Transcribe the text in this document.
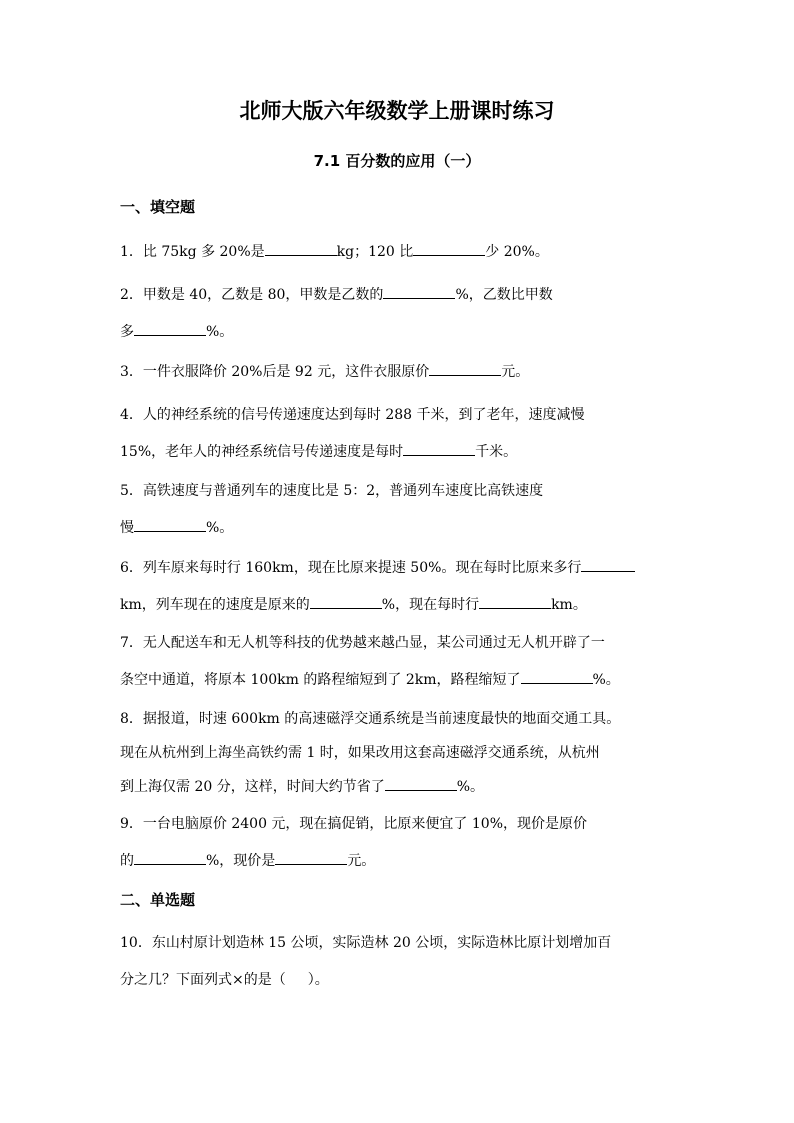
北师大版六年级数学上册课时练习
7.1 百分数的应用（一）
一、填空题
1．比 75kg 多 20%是	kg；120 比	少 20%。
2．甲数是 40，乙数是 80，甲数是乙数的	%，乙数比甲数
多	%。
3．一件衣服降价 20%后是 92 元，这件衣服原价	元。
4．人的神经系统的信号传递速度达到每时 288 千米，到了老年，速度减慢
15%，老年人的神经系统信号传递速度是每时	千米。
5．高铁速度与普通列车的速度比是 5：2，普通列车速度比高铁速度
慢	%。
6．列车原来每时行 160km，现在比原来提速 50%。现在每时比原来多行
km，列车现在的速度是原来的	%，现在每时行	km。
7．无人配送车和无人机等科技的优势越来越凸显，某公司通过无人机开辟了一
条空中通道，将原本 100km 的路程缩短到了 2km，路程缩短了	%。
8．据报道，时速 600km 的高速磁浮交通系统是当前速度最快的地面交通工具。
现在从杭州到上海坐高铁约需 1 时，如果改用这套高速磁浮交通系统，从杭州
到上海仅需 20 分，这样，时间大约节省了	%。
9．一台电脑原价 2400 元，现在搞促销，比原来便宜了 10%，现价是原价
的	%，现价是	元。
二、单选题
10．东山村原计划造林 15 公顷，实际造林 20 公顷，实际造林比原计划增加百
分之几？下面列式×的是（ ）。
